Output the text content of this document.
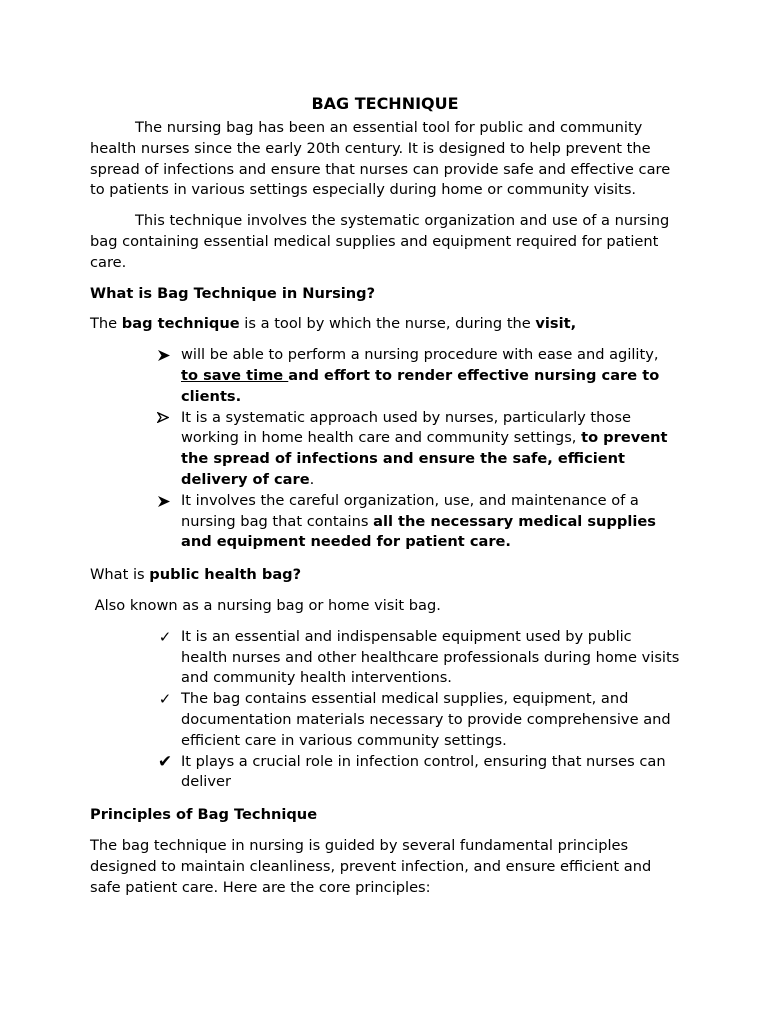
BAG TECHNIQUE

The nursing bag has been an essential tool for public and community health nurses since the early 20th century. It is designed to help prevent the spread of infections and ensure that nurses can provide safe and effective care to patients in various settings especially during home or community visits.

This technique involves the systematic organization and use of a nursing bag containing essential medical supplies and equipment required for patient care.

What is Bag Technique in Nursing?

The bag technique is a tool by which the nurse, during the visit,

will be able to perform a nursing procedure with ease and agility, to save time and effort to render effective nursing care to clients.
It is a systematic approach used by nurses, particularly those working in home health care and community settings, to prevent the spread of infections and ensure the safe, efficient delivery of care.
It involves the careful organization, use, and maintenance of a nursing bag that contains all the necessary medical supplies and equipment needed for patient care.

What is public health bag?

Also known as a nursing bag or home visit bag.

✓ It is an essential and indispensable equipment used by public health nurses and other healthcare professionals during home visits and community health interventions.
✓ The bag contains essential medical supplies, equipment, and documentation materials necessary to provide comprehensive and efficient care in various community settings.
✔ It plays a crucial role in infection control, ensuring that nurses can deliver

Principles of Bag Technique

The bag technique in nursing is guided by several fundamental principles designed to maintain cleanliness, prevent infection, and ensure efficient and safe patient care. Here are the core principles:
